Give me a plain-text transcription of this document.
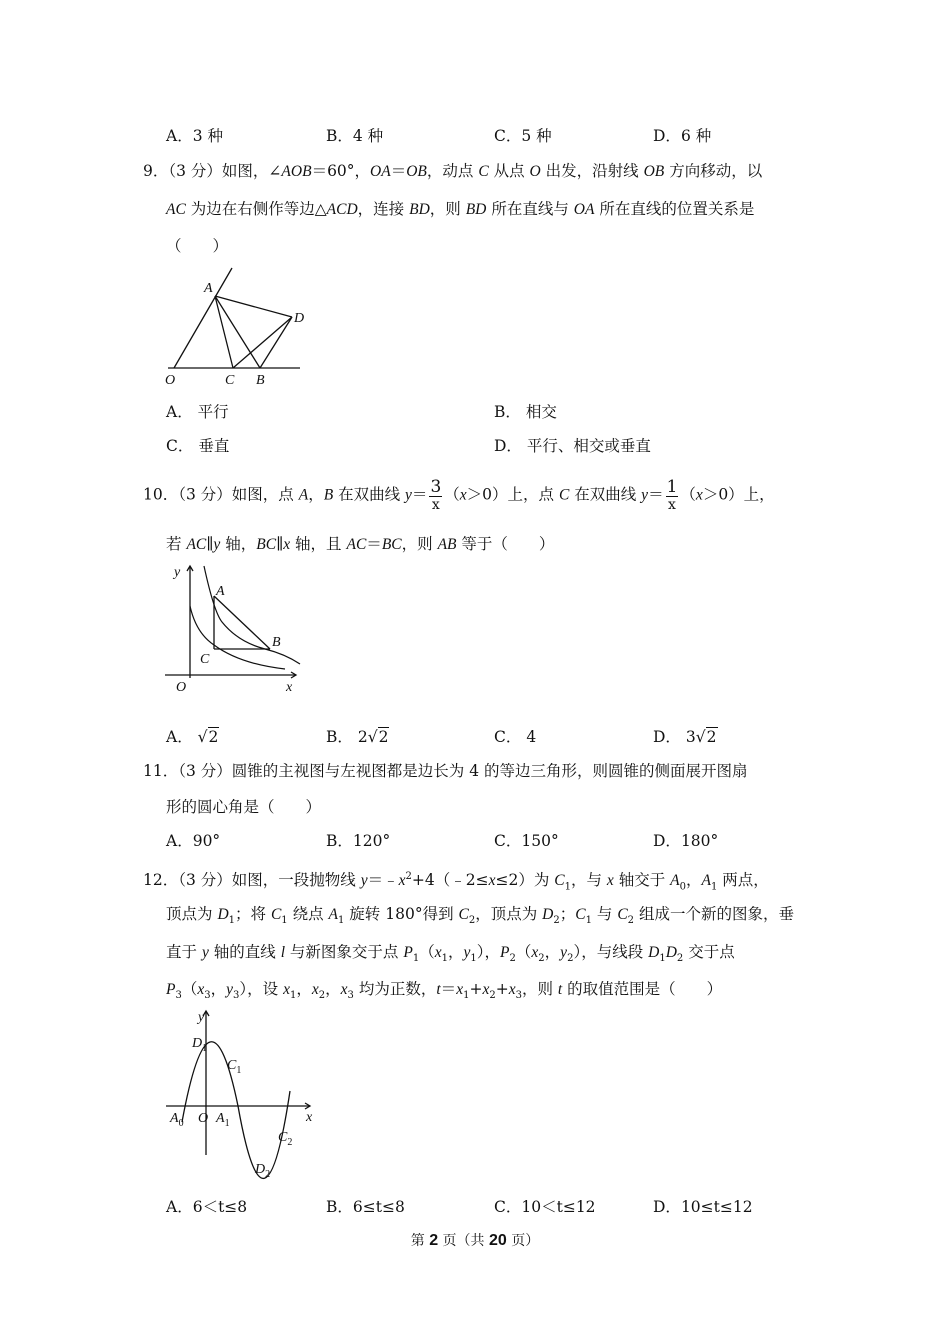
A．3 种	B．4 种	C．5 种	D．6 种
9．（3 分）如图，∠AOB＝60°，OA＝OB，动点 C 从点 O 出发，沿射线 OB 方向移动，以
AC 为边在右侧作等边△ACD，连接 BD，则 BD 所在直线与 OA 所在直线的位置关系是
（　　）
A
D
O	C B
A． 平行	B． 相交
C． 垂直	D． 平行、相交或垂直
10．（3 分）如图，点 A，B 在双曲线 $y= \frac{3}{x} (x>0)$上，点 C 在双曲线 $y= \frac{1}{x} (x>0)$上，
若 AC∥y 轴，BC∥x 轴，且 AC＝BC，则 AB 等于（　　）
y
A
B
C
O	x
A． √2	B． 2√2	C． 4	D． 3√2
11．（3 分）圆锥的主视图与左视图都是边长为 4 的等边三角形，则圆锥的侧面展开图扇
形的圆心角是（　　）
A．90°	B．120°	C．150°	D．180°
12．（3 分）如图，一段抛物线 $y=﹣x^2+4(﹣2\le x\le 2)$为 $C_1$，与 x 轴交于 $A_0$，$A_1$ 两点，
顶点为 $D_1$；将 $C_1$ 绕点 $A_1$ 旋转 180°得到 $C_2$，顶点为 $D_2$；$C_1$ 与 $C_2$ 组成一个新的图象，垂
直于 y 轴的直线 l 与新图象交于点 $P_1(x_1$，$y_1$），$P_2(x_2$，$y_2$），与线段 $D_1D_2$ 交于点
$P_3(x_3$，$y_3$），设 $x_1$，$x_2$，$x_3$ 均为正数，$t=x_1+x_2+x_3$，则 t 的取值范围是（　　）
$D_1$
$C_1$
y
$A_0$ O $A_1$	x
$C_2$
$D_2$
A．6＜t≤8	B．6≤t≤8	C．10＜t≤12	D．10≤t≤12
第 2 页（共 20 页）
